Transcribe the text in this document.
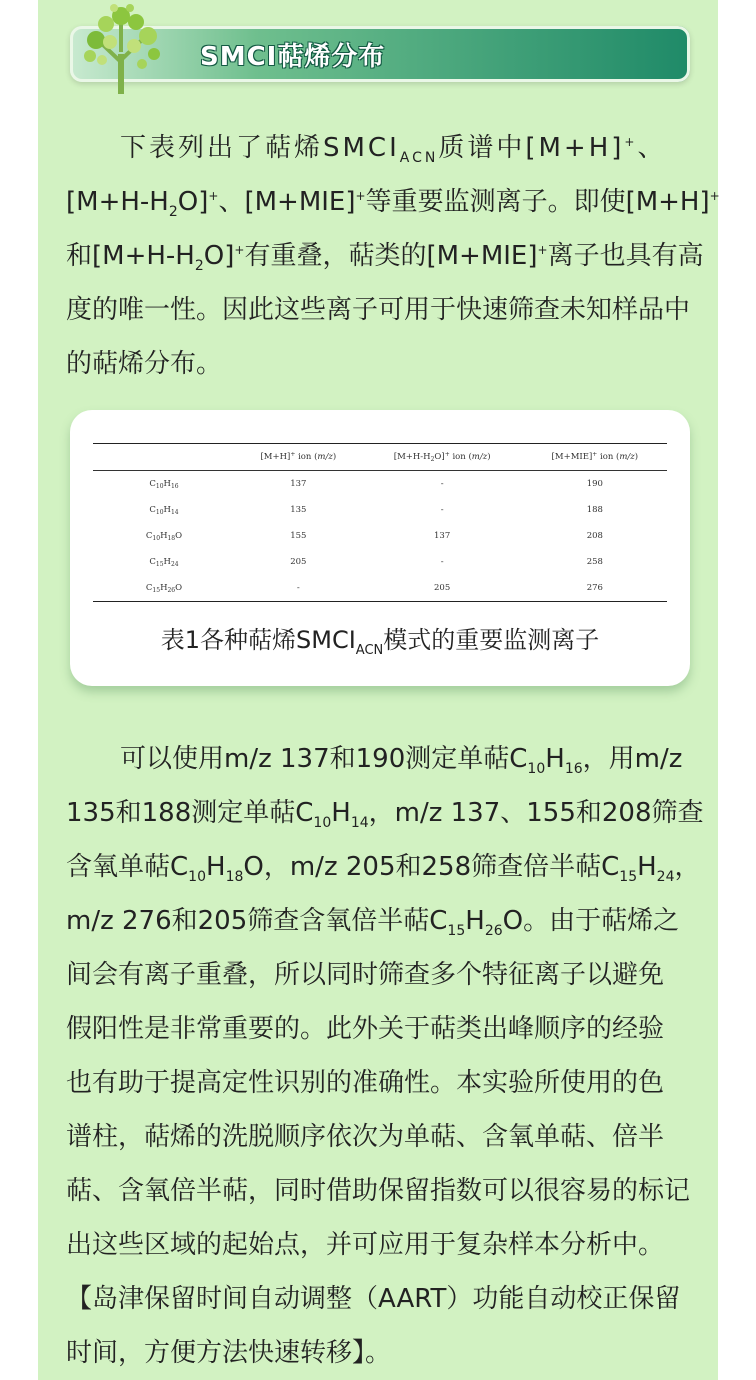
SMCI萜烯分布
下表列出了萜烯$SMCI_{ACN}$质谱中[M+H]+、
$[M+H-H_2O]^+$、[M+MIE]+等重要监测离子。即使[M+H]+
和$[M+H-H_2O]^+$有重叠，萜类的[M+MIE]+离子也具有高
度的唯一性。因此这些离子可用于快速筛查未知样品中
的萜烯分布。
	[M+H]+ ion (m/z)	$[M+H-H_2O]^+$ ion (m/z)	[M+MIE]+ ion (m/z)
$C_{10}H_{16}$	137	-	190
$C_{10}H_{14}$	135	-	188
$C_{10}H_{18}O$	155	137	208
$C_{15}H_{24}$	205	-	258
$C_{15}H_{26}O$	-	205	276
表1各种萜烯$SMCI_{ACN}$模式的重要监测离子
可以使用m/z 137和190测定单萜$C_{10}H_{16}$，用m/z
135和188测定单萜$C_{10}H_{14}$，m/z 137、155和208筛查
含氧单萜$C_{10}H_{18}O$，m/z 205和258筛查倍半萜$C_{15}H_{24}$，
m/z 276和205筛查含氧倍半萜$C_{15}H_{26}O$。由于萜烯之
间会有离子重叠，所以同时筛查多个特征离子以避免
假阳性是非常重要的。此外关于萜类出峰顺序的经验
也有助于提高定性识别的准确性。本实验所使用的色
谱柱，萜烯的洗脱顺序依次为单萜、含氧单萜、倍半
萜、含氧倍半萜，同时借助保留指数可以很容易的标记
出这些区域的起始点，并可应用于复杂样本分析中。
【岛津保留时间自动调整（AART）功能自动校正保留
时间，方便方法快速转移】。
